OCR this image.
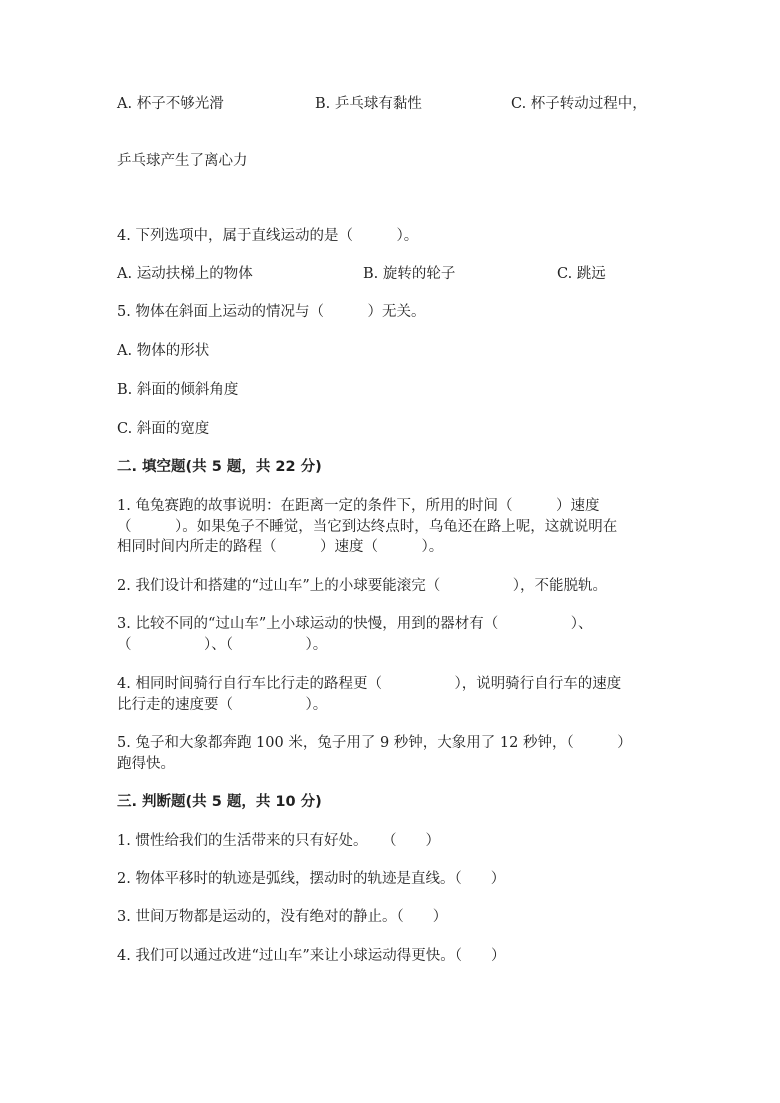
A. 杯子不够光滑	B. 乒乓球有黏性	C. 杯子转动过程中，
乒乓球产生了离心力
4. 下列选项中，属于直线运动的是（　　　）。
A. 运动扶梯上的物体	B. 旋转的轮子	C. 跳远
5. 物体在斜面上运动的情况与（　　　）无关。
A. 物体的形状
B. 斜面的倾斜角度
C. 斜面的宽度
二. 填空题(共 5 题，共 22 分)
1. 龟兔赛跑的故事说明：在距离一定的条件下，所用的时间（　　　）速度
（　　　）。如果兔子不睡觉，当它到达终点时，乌龟还在路上呢，这就说明在
相同时间内所走的路程（　　　）速度（　　　）。
2. 我们设计和搭建的“过山车”上的小球要能滚完（　　　　　），不能脱轨。
3. 比较不同的“过山车”上小球运动的快慢，用到的器材有（　　　　　）、
（　　　　　）、（　　　　　）。
4. 相同时间骑行自行车比行走的路程更（　　　　　），说明骑行自行车的速度
比行走的速度要（　　　　　）。
5. 兔子和大象都奔跑 100 米，兔子用了 9 秒钟，大象用了 12 秒钟，（　　　）
跑得快。
三. 判断题(共 5 题，共 10 分)
1. 惯性给我们的生活带来的只有好处。　　（　　）
2. 物体平移时的轨迹是弧线，摆动时的轨迹是直线。（　　）
3. 世间万物都是运动的，没有绝对的静止。（　　）
4. 我们可以通过改进“过山车”来让小球运动得更快。（　　）
